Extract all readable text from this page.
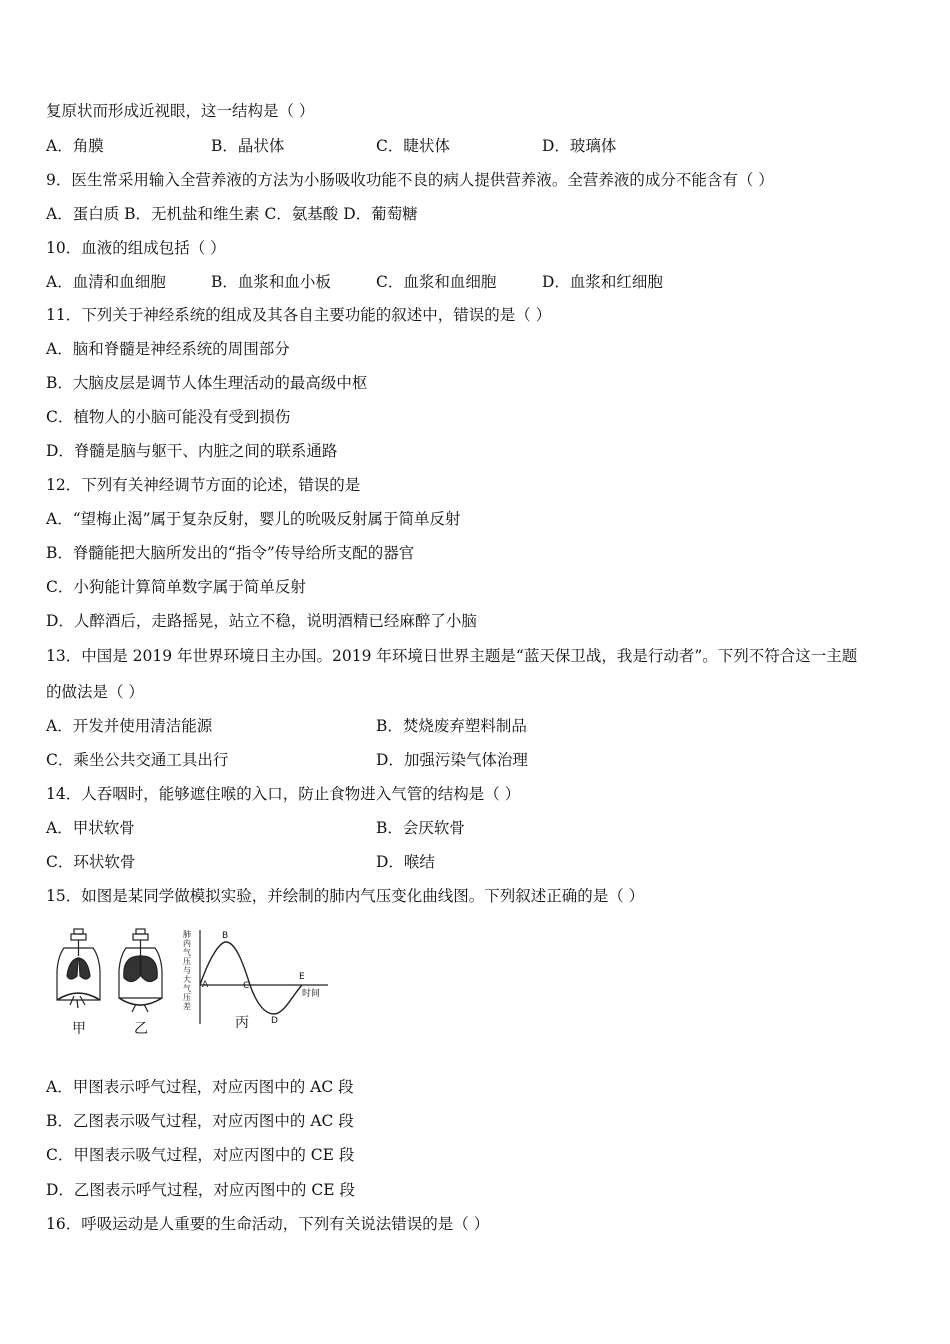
复原状而形成近视眼，这一结构是（ ）
A．角膜	B．晶状体	C．睫状体	D．玻璃体
9．医生常采用输入全营养液的方法为小肠吸收功能不良的病人提供营养液。全营养液的成分不能含有（ ）
A．蛋白质 B．无机盐和维生素 C．氨基酸 D．葡萄糖
10．血液的组成包括（ ）
A．血清和血细胞	B．血浆和血小板	C．血浆和血细胞	D．血浆和红细胞
11．下列关于神经系统的组成及其各自主要功能的叙述中，错误的是（ ）
A．脑和脊髓是神经系统的周围部分
B．大脑皮层是调节人体生理活动的最高级中枢
C．植物人的小脑可能没有受到损伤
D．脊髓是脑与躯干、内脏之间的联系通路
12．下列有关神经调节方面的论述，错误的是
A．“望梅止渴”属于复杂反射，婴儿的吮吸反射属于简单反射
B．脊髓能把大脑所发出的“指令”传导给所支配的器官
C．小狗能计算简单数字属于简单反射
D．人醉酒后，走路摇晃，站立不稳，说明酒精已经麻醉了小脑
13．中国是 2019 年世界环境日主办国。2019 年环境日世界主题是“蓝天保卫战，我是行动者”。下列不符合这一主题
的做法是（ ）
A．开发并使用清洁能源	B．焚烧废弃塑料制品
C．乘坐公共交通工具出行	D．加强污染气体治理
14．人吞咽时，能够遮住喉的入口，防止食物进入气管的结构是（ ）
A．甲状软骨	B．会厌软骨
C．环状软骨	D．喉结
15．如图是某同学做模拟实验，并绘制的肺内气压变化曲线图。下列叙述正确的是（ ）
肺内气压与大气压差
A
B
C
D
E
时间
甲	乙	丙
A．甲图表示呼气过程，对应丙图中的 AC 段
B．乙图表示吸气过程，对应丙图中的 AC 段
C．甲图表示吸气过程，对应丙图中的 CE 段
D．乙图表示呼气过程，对应丙图中的 CE 段
16．呼吸运动是人重要的生命活动，下列有关说法错误的是（ ）
